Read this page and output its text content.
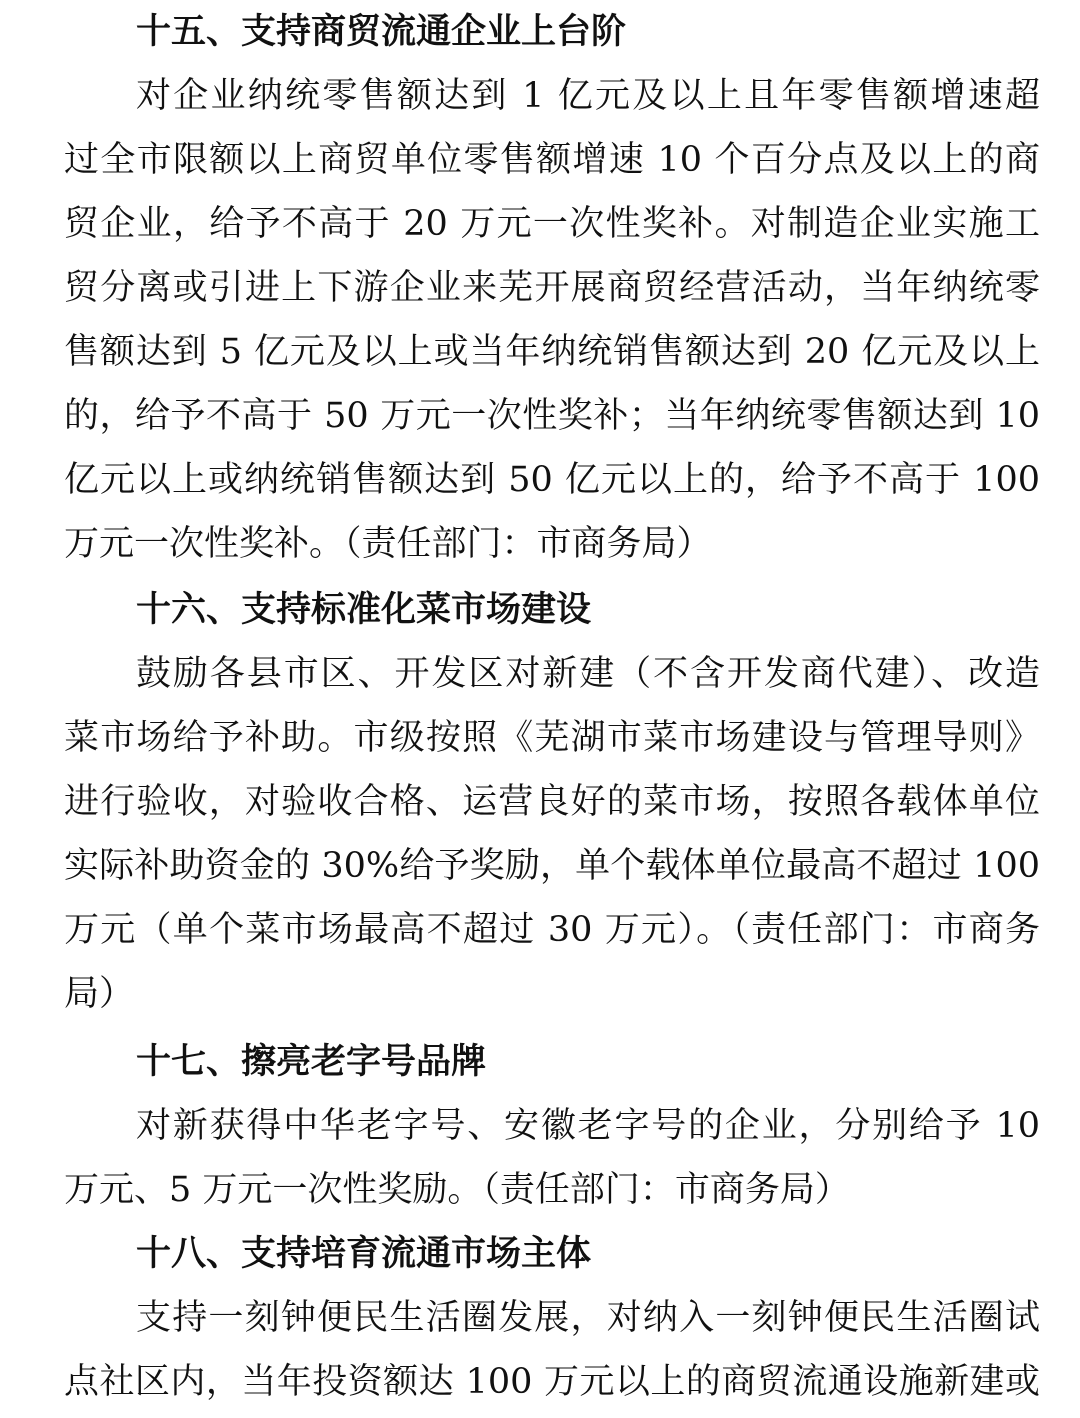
十五、支持商贸流通企业上台阶
对企业纳统零售额达到 1 亿元及以上且年零售额增速超
过全市限额以上商贸单位零售额增速 10 个百分点及以上的商
贸企业，给予不高于 20 万元一次性奖补。对制造企业实施工
贸分离或引进上下游企业来芜开展商贸经营活动，当年纳统零
售额达到 5 亿元及以上或当年纳统销售额达到 20 亿元及以上
的，给予不高于 50 万元一次性奖补；当年纳统零售额达到 10
亿元以上或纳统销售额达到 50 亿元以上的，给予不高于 100
万元一次性奖补。（责任部门：市商务局）
十六、支持标准化菜市场建设
鼓励各县市区、开发区对新建（不含开发商代建）、改造
菜市场给予补助。市级按照《芜湖市菜市场建设与管理导则》
进行验收，对验收合格、运营良好的菜市场，按照各载体单位
实际补助资金的 30%给予奖励，单个载体单位最高不超过 100
万元（单个菜市场最高不超过 30 万元）。（责任部门：市商务
局）
十七、擦亮老字号品牌
对新获得中华老字号、安徽老字号的企业，分别给予 10
万元、5 万元一次性奖励。（责任部门：市商务局）
十八、支持培育流通市场主体
支持一刻钟便民生活圈发展，对纳入一刻钟便民生活圈试
点社区内，当年投资额达 100 万元以上的商贸流通设施新建或
